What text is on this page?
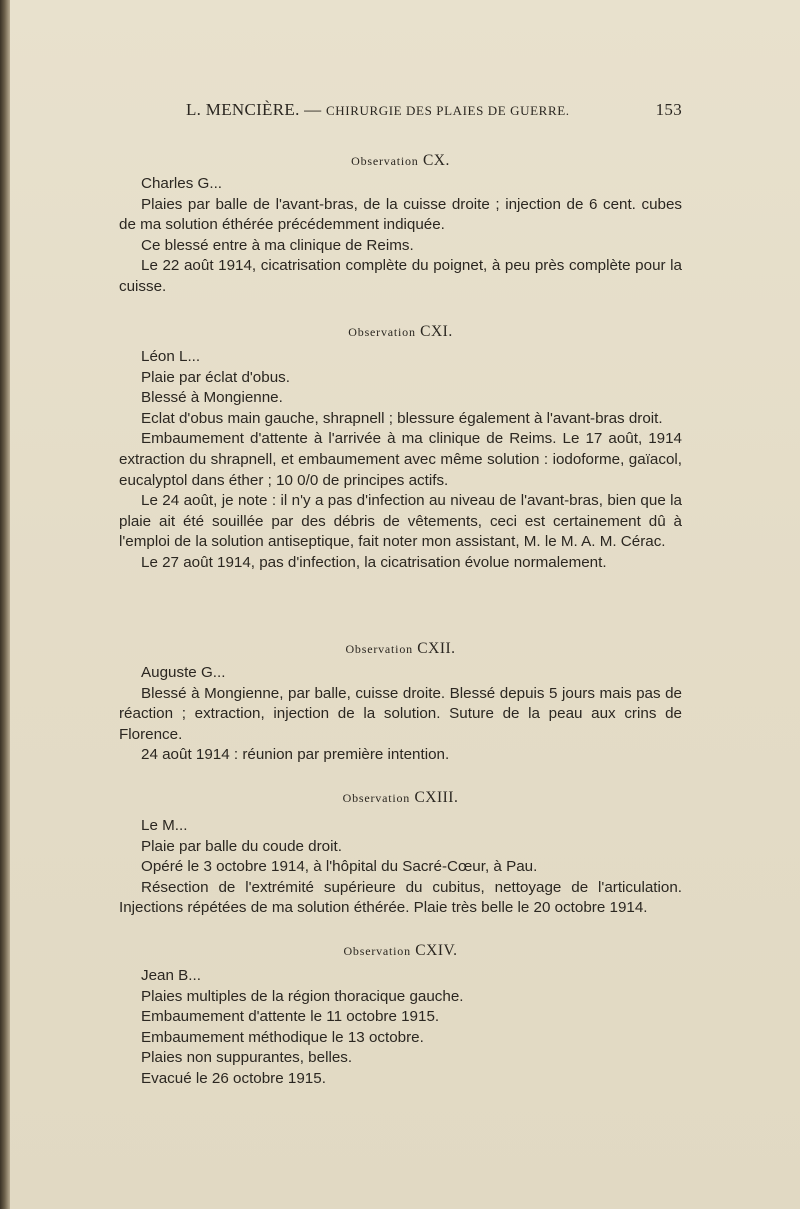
L. MENCIÈRE. — CHIRURGIE DES PLAIES DE GUERRE.	153
Observation CX.

Charles G...

Plaies par balle de l'avant-bras, de la cuisse droite ; injection de 6 cent. cubes de ma solution éthérée précédemment indiquée.

Ce blessé entre à ma clinique de Reims.

Le 22 août 1914, cicatrisation complète du poignet, à peu près complète pour la cuisse.

Observation CXI.

Léon L...

Plaie par éclat d'obus.

Blessé à Mongienne.

Eclat d'obus main gauche, shrapnell ; blessure également à l'avant-bras droit.

Embaumement d'attente à l'arrivée à ma clinique de Reims. Le 17 août, 1914 extraction du shrapnell, et embaumement avec même solution : iodoforme, gaïacol, eucalyptol dans éther ; 10 0/0 de principes actifs.

Le 24 août, je note : il n'y a pas d'infection au niveau de l'avant-bras, bien que la plaie ait été souillée par des débris de vêtements, ceci est certainement dû à l'emploi de la solution antiseptique, fait noter mon assistant, M. le M. A. M. Cérac.

Le 27 août 1914, pas d'infection, la cicatrisation évolue normalement.

Observation CXII.

Auguste G...

Blessé à Mongienne, par balle, cuisse droite. Blessé depuis 5 jours mais pas de réaction ; extraction, injection de la solution. Suture de la peau aux crins de Florence.

24 août 1914 : réunion par première intention.

Observation CXIII.

Le M...

Plaie par balle du coude droit.

Opéré le 3 octobre 1914, à l'hôpital du Sacré-Cœur, à Pau.

Résection de l'extrémité supérieure du cubitus, nettoyage de l'articulation. Injections répétées de ma solution éthérée. Plaie très belle le 20 octobre 1914.

Observation CXIV.

Jean B...

Plaies multiples de la région thoracique gauche.

Embaumement d'attente le 11 octobre 1915.

Embaumement méthodique le 13 octobre.

Plaies non suppurantes, belles.

Evacué le 26 octobre 1915.
